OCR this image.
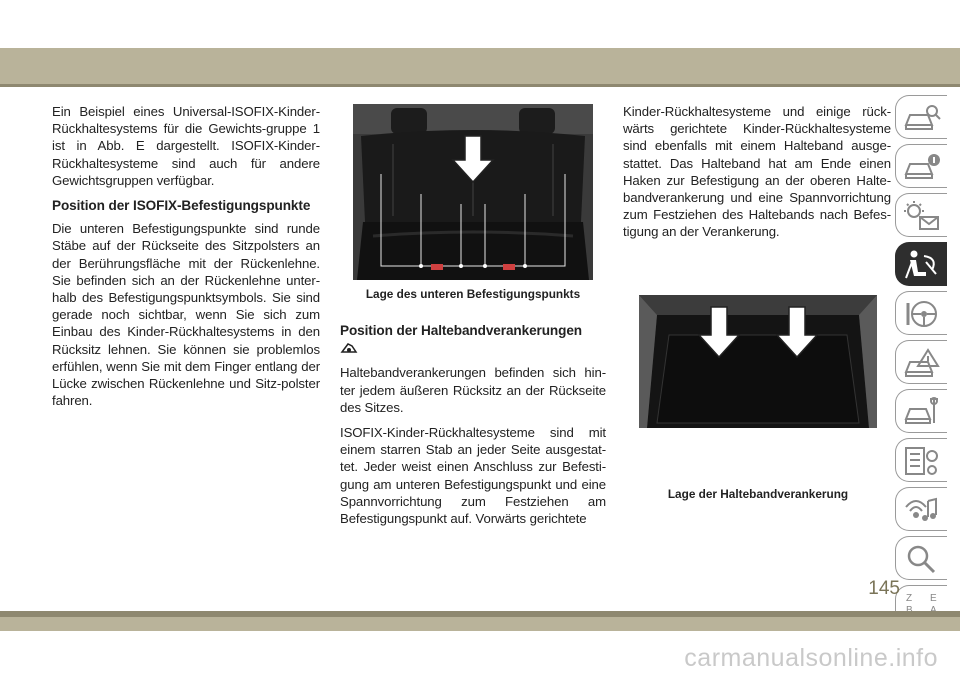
Ein Beispiel eines Universal-ISOFIX-Kinder-Rückhaltesystems für die Gewichts-gruppe 1 ist in Abb. E dargestellt. ISOFIX-Kinder-Rückhaltesysteme sind auch für andere Gewichtsgruppen verfügbar.

Position der ISOFIX-Befestigungspunkte

Die unteren Befestigungspunkte sind runde Stäbe auf der Rückseite des Sitzpolsters an der Berührungsfläche mit der Rückenlehne. Sie befinden sich an der Rückenlehne unter-halb des Befestigungspunktsymbols. Sie sind gerade noch sichtbar, wenn Sie sich zum Einbau des Kinder-Rückhaltesystems in den Rücksitz lehnen. Sie können sie problemlos erfühlen, wenn Sie mit dem Finger entlang der Lücke zwischen Rückenlehne und Sitz-polster fahren.

Lage des unteren Befestigungspunkts
Position der Haltebandverankerungen

Haltebandverankerungen befinden sich hin-ter jedem äußeren Rücksitz an der Rückseite des Sitzes.

ISOFIX-Kinder-Rückhaltesysteme sind mit einem starren Stab an jeder Seite ausgestat-tet. Jeder weist einen Anschluss zur Befesti-gung am unteren Befestigungspunkt und eine Spannvorrichtung zum Festziehen am Befestigungspunkt auf. Vorwärts gerichtete

Kinder-Rückhaltesysteme und einige rück-wärts gerichtete Kinder-Rückhaltesysteme sind ebenfalls mit einem Halteband ausge-stattet. Das Halteband hat am Ende einen Haken zur Befestigung an der oberen Halte-bandverankerung und eine Spannvorrichtung zum Festziehen des Haltebands nach Befes-tigung an der Verankerung.

Lage der Haltebandverankerung
Z E
145
carmanualsonline.info
